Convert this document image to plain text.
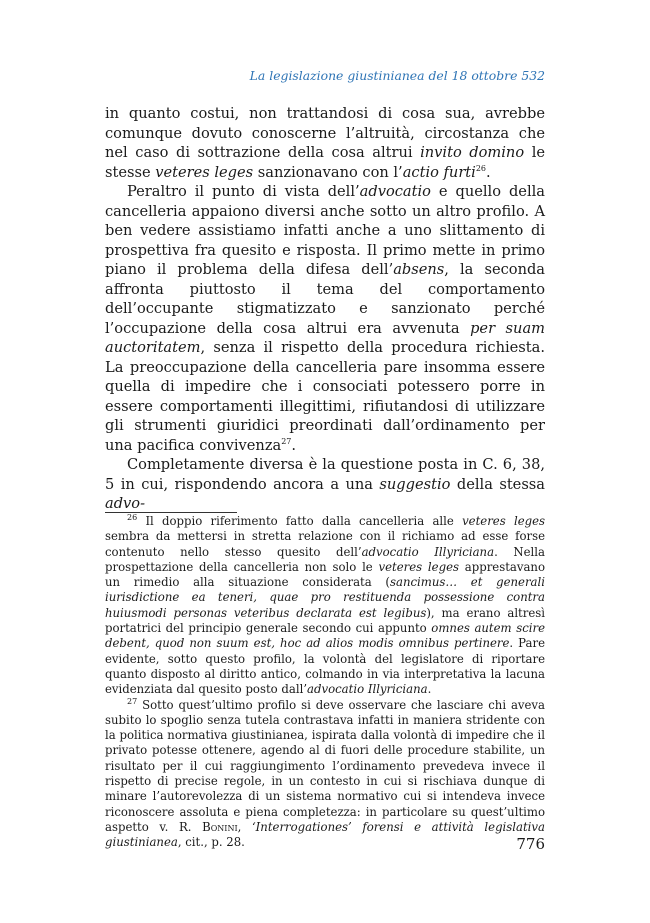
La legislazione giustinianea del 18 ottobre 532

in quanto costui, non trattandosi di cosa sua, avrebbe comunque dovuto conoscerne l’altruità, circostanza che nel caso di sottrazione della cosa altrui invito domino le stesse veteres leges sanzionavano con l’actio furti$^{26}$.

Peraltro il punto di vista dell’advocatio e quello della cancelleria appaiono diversi anche sotto un altro profilo. A ben vedere assistiamo infatti anche a uno slittamento di prospettiva fra quesito e risposta. Il primo mette in primo piano il problema della difesa dell’absens, la seconda affronta piuttosto il tema del comportamento dell’occupante stigmatizzato e sanzionato perché l’occupazione della cosa altrui era avvenuta per suam auctoritatem, senza il rispetto della procedura richiesta. La preoccupazione della cancelleria pare insomma essere quella di impedire che i consociati potessero porre in essere comportamenti illegittimi, rifiutandosi di utilizzare gli strumenti giuridici preordinati dall’ordinamento per una pacifica convivenza$^{27}$.

Completamente diversa è la questione posta in C. 6, 38, 5 in cui, rispondendo ancora a una suggestio della stessa advo-

$^{26}$ Il doppio riferimento fatto dalla cancelleria alle veteres leges sembra da mettersi in stretta relazione con il richiamo ad esse forse contenuto nello stesso quesito dell’advocatio Illyriciana. Nella prospettazione della cancelleria non solo le veteres leges apprestavano un rimedio alla situazione considerata (sancimus… et generali iurisdictione ea teneri, quae pro restituenda possessione contra huiusmodi personas veteribus declarata est legibus), ma erano altresì portatrici del principio generale secondo cui appunto omnes autem scire debent, quod non suum est, hoc ad alios modis omnibus pertinere. Pare evidente, sotto questo profilo, la volontà del legislatore di riportare quanto disposto al diritto antico, colmando in via interpretativa la lacuna evidenziata dal quesito posto dall’advocatio Illyriciana.

$^{27}$ Sotto quest’ultimo profilo si deve osservare che lasciare chi aveva subito lo spoglio senza tutela contrastava infatti in maniera stridente con la politica normativa giustinianea, ispirata dalla volontà di impedire che il privato potesse ottenere, agendo al di fuori delle procedure stabilite, un risultato per il cui raggiungimento l’ordinamento prevedeva invece il rispetto di precise regole, in un contesto in cui si rischiava dunque di minare l’autorevolezza di un sistema normativo cui si intendeva invece riconoscere assoluta e piena completezza: in particolare su quest’ultimo aspetto v. R. Bonini, ‘Interrogationes’ forensi e attività legislativa giustinianea, cit., p. 28.	776
